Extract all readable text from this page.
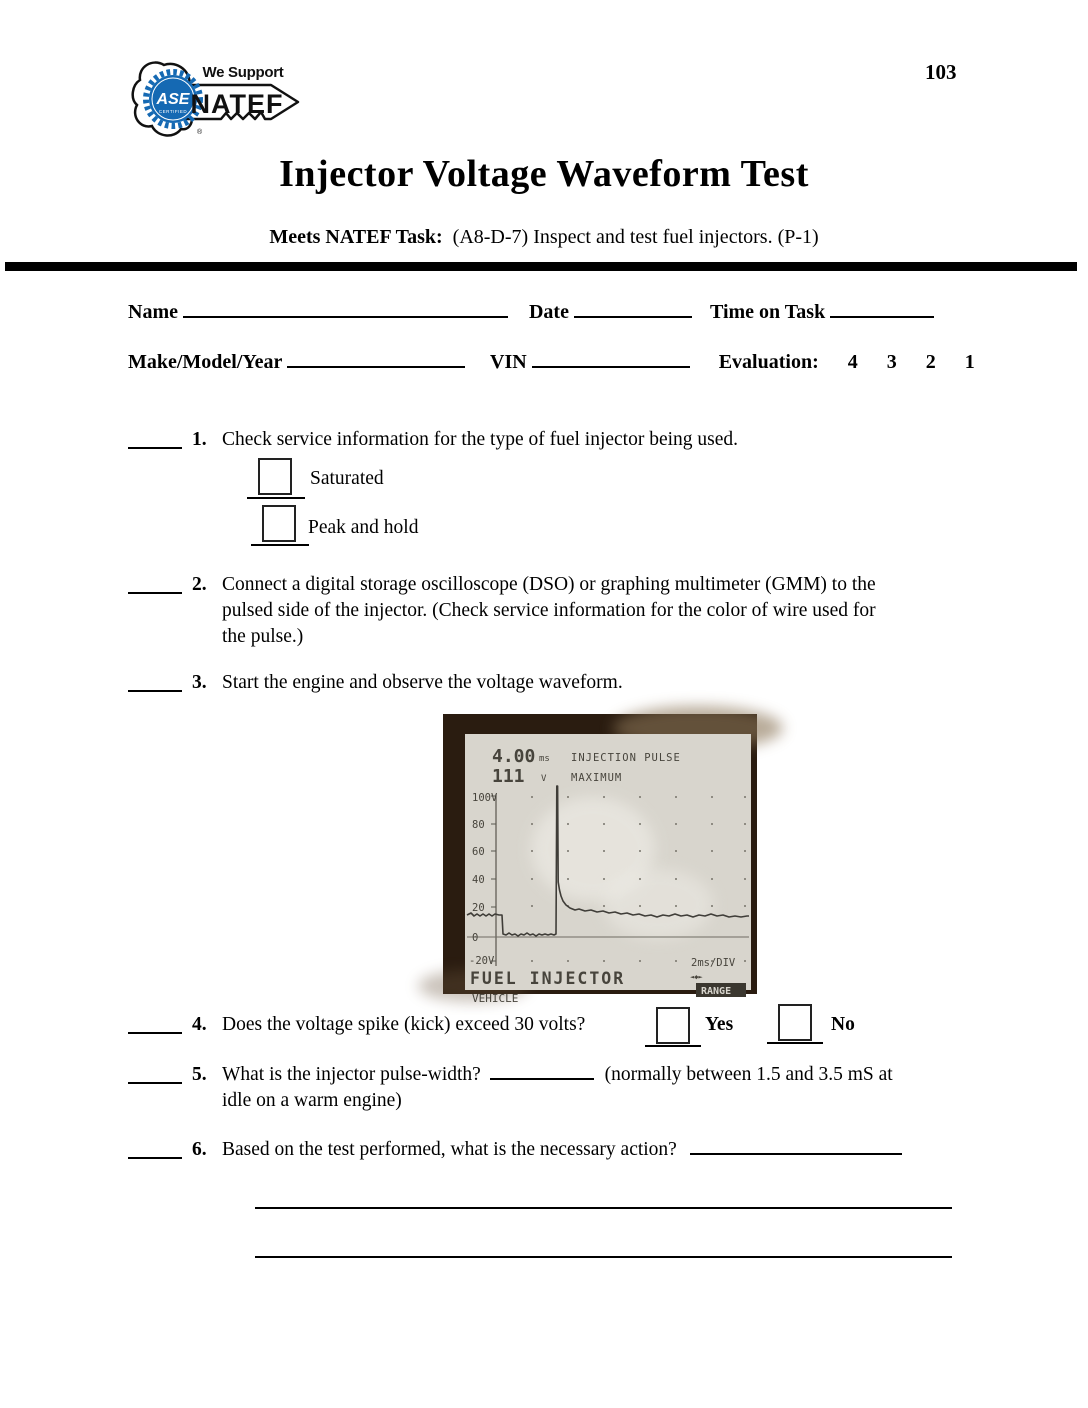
ASE
CERTIFIED
We Support
NATEF
®
103
Injector Voltage Waveform Test
Meets NATEF Task: (A8-D-7) Inspect and test fuel injectors. (P-1)
Name	Date	Time on Task
Make/Model/Year	VIN	Evaluation: 4 3 2 1
1. Check service information for the type of fuel injector being used.
Saturated
Peak and hold
2. Connect a digital storage oscilloscope (DSO) or graphing multimeter (GMM) to the
pulsed side of the injector. (Check service information for the color of wire used for
the pulse.)
3. Start the engine and observe the voltage waveform.
4.00 ms INJECTION PULSE
111 V MAXIMUM
100V
80
60
40
20
0
-20V	2ms/DIV
FUEL INJECTOR
VEHICLE
◄◆►
RANGE
4. Does the voltage spike (kick) exceed 30 volts?	Yes	No
5. What is the injector pulse-width?	(normally between 1.5 and 3.5 mS at
idle on a warm engine)
6. Based on the test performed, what is the necessary action?
